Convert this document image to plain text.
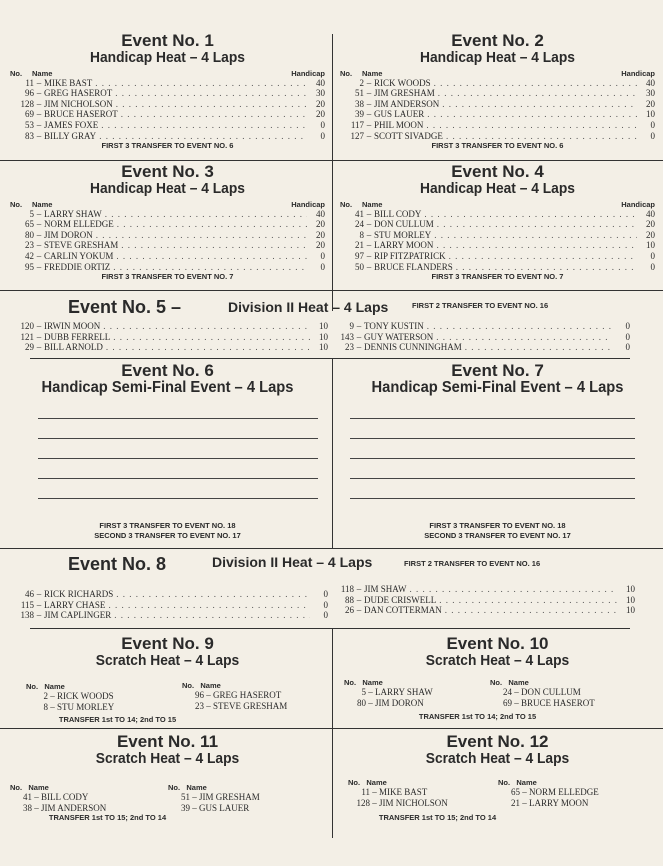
Event No. 1
Handicap Heat – 4 Laps
No. Name	Handicap
11 – MIKE BAST . . .	40
96 – GREG HASEROT . . .	30
128 – JIM NICHOLSON . . .	20
69 – BRUCE HASEROT . . .	20
53 – JAMES FOXE . . .	0
83 – BILLY GRAY . . .	0
FIRST 3 TRANSFER TO EVENT NO. 6
Event No. 2
Handicap Heat – 4 Laps
No. Name	Handicap
2 – RICK WOODS . . .	40
51 – JIM GRESHAM . . .	30
38 – JIM ANDERSON . . .	20
39 – GUS LAUER . . .	10
117 – PHIL MOON . . .	0
127 – SCOTT SIVADGE . . .	0
FIRST 3 TRANSFER TO EVENT NO. 6
Event No. 3
Handicap Heat – 4 Laps
No. Name	Handicap
5 – LARRY SHAW . . .	40
65 – NORM ELLEDGE . . .	20
80 – JIM DORON . . .	20
23 – STEVE GRESHAM . . .	20
42 – CARLIN YOKUM . . .	0
95 – FREDDIE ORTIZ . . .	0
FIRST 3 TRANSFER TO EVENT NO. 7
Event No. 4
Handicap Heat – 4 Laps
No. Name	Handicap
41 – BILL CODY . . .	40
24 – DON CULLUM . . .	20
8 – STU MORLEY . . .	20
21 – LARRY MOON . . .	10
97 – RIP FITZPATRICK . . .	0
50 – BRUCE FLANDERS . . .	0
FIRST 3 TRANSFER TO EVENT NO. 7
Event No. 5 –	Division II Heat – 4 Laps	FIRST 2 TRANSFER TO EVENT NO. 16
120 – IRWIN MOON . . .	10
121 – DUBB FERRELL . . .	10
29 – BILL ARNOLD . . .	10
9 – TONY KUSTIN . . .	0
143 – GUY WATERSON . . .	0
23 – DENNIS CUNNINGHAM . . .	0
Event No. 6
Handicap Semi-Final Event – 4 Laps
FIRST 3 TRANSFER TO EVENT NO. 18
SECOND 3 TRANSFER TO EVENT NO. 17
Event No. 7
Handicap Semi-Final Event – 4 Laps
FIRST 3 TRANSFER TO EVENT NO. 18
SECOND 3 TRANSFER TO EVENT NO. 17
Event No. 8	Division II Heat – 4 Laps	FIRST 2 TRANSFER TO EVENT NO. 16
46 – RICK RICHARDS . . .	0
115 – LARRY CHASE . . .	0
138 – JIM CAPLINGER . . .	0
118 – JIM SHAW . . .	10
88 – DUDE CRISWELL . . .	10
26 – DAN COTTERMAN . . .	10
Event No. 9
Scratch Heat – 4 Laps
No. Name
2 – RICK WOODS
8 – STU MORLEY
No. Name
96 – GREG HASEROT
23 – STEVE GRESHAM
TRANSFER 1st TO 14; 2nd TO 15
Event No. 10
Scratch Heat – 4 Laps
No. Name
5 – LARRY SHAW
80 – JIM DORON
No. Name
24 – DON CULLUM
69 – BRUCE HASEROT
TRANSFER 1st TO 14; 2nd TO 15
Event No. 11
Scratch Heat – 4 Laps
No. Name
41 – BILL CODY
38 – JIM ANDERSON
No. Name
51 – JIM GRESHAM
39 – GUS LAUER
TRANSFER 1st TO 15; 2nd TO 14
Event No. 12
Scratch Heat – 4 Laps
No. Name
11 – MIKE BAST
128 – JIM NICHOLSON
No. Name
65 – NORM ELLEDGE
21 – LARRY MOON
TRANSFER 1st TO 15; 2nd TO 14
